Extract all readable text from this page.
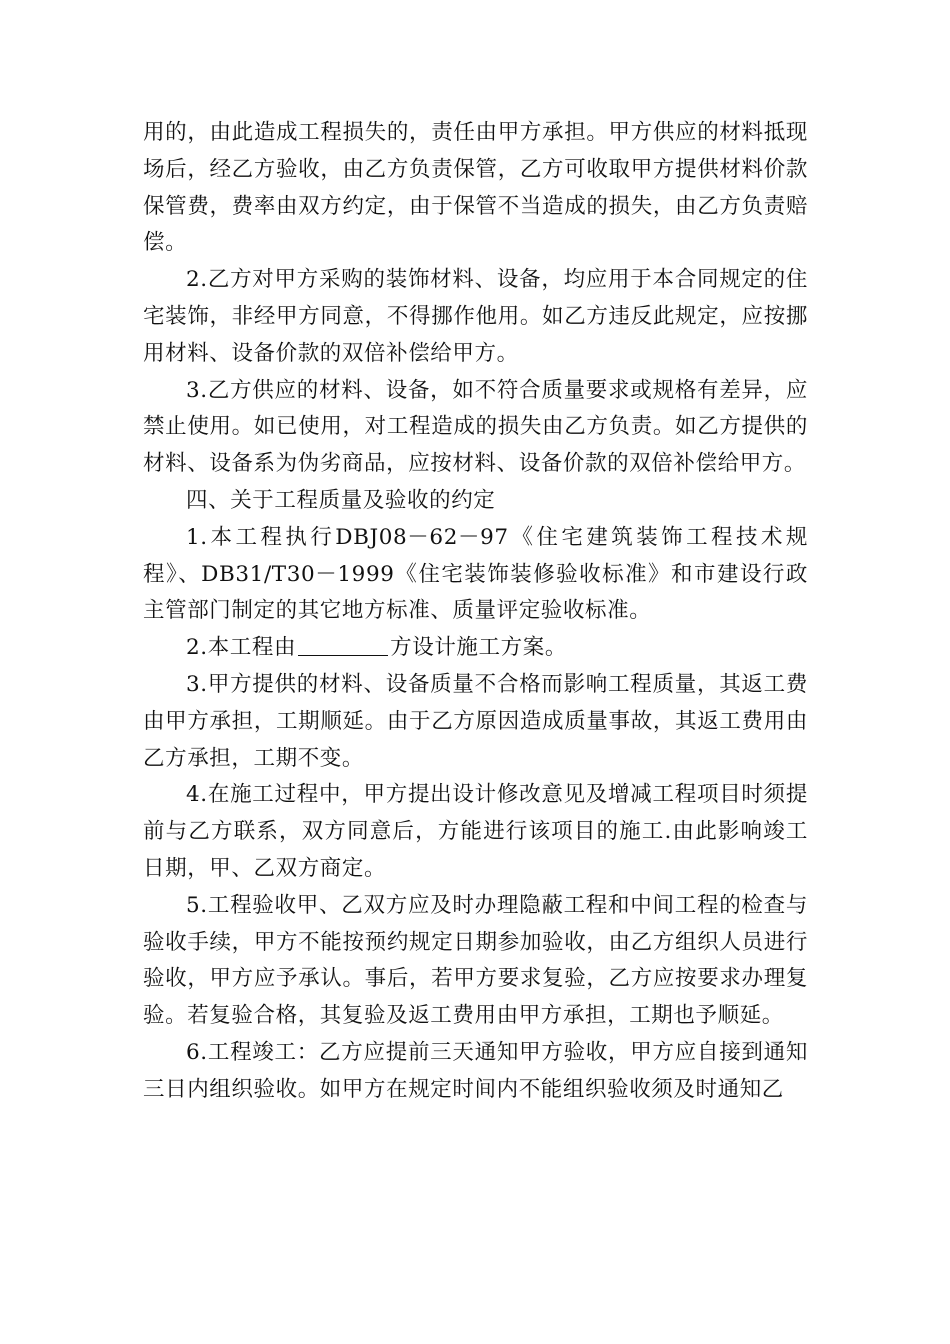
用的，由此造成工程损失的，责任由甲方承担。甲方供应的材料抵现场后，经乙方验收，由乙方负责保管，乙方可收取甲方提供材料价款保管费，费率由双方约定，由于保管不当造成的损失，由乙方负责赔偿。

2.乙方对甲方采购的装饰材料、设备，均应用于本合同规定的住宅装饰，非经甲方同意，不得挪作他用。如乙方违反此规定，应按挪用材料、设备价款的双倍补偿给甲方。

3.乙方供应的材料、设备，如不符合质量要求或规格有差异，应禁止使用。如已使用，对工程造成的损失由乙方负责。如乙方提供的材料、设备系为伪劣商品，应按材料、设备价款的双倍补偿给甲方。

四、关于工程质量及验收的约定

1.本工程执行DBJ08－62－97《住宅建筑装饰工程技术规程》、DB31/T30－1999《住宅装饰装修验收标准》和市建设行政主管部门制定的其它地方标准、质量评定验收标准。

2.本工程由	方设计施工方案。

3.甲方提供的材料、设备质量不合格而影响工程质量，其返工费由甲方承担，工期顺延。由于乙方原因造成质量事故，其返工费用由乙方承担，工期不变。

4.在施工过程中，甲方提出设计修改意见及增减工程项目时须提前与乙方联系，双方同意后，方能进行该项目的施工.由此影响竣工日期，甲、乙双方商定。

5.工程验收甲、乙双方应及时办理隐蔽工程和中间工程的检查与验收手续，甲方不能按预约规定日期参加验收，由乙方组织人员进行验收，甲方应予承认。事后，若甲方要求复验，乙方应按要求办理复验。若复验合格，其复验及返工费用由甲方承担，工期也予顺延。

6.工程竣工：乙方应提前三天通知甲方验收，甲方应自接到通知三日内组织验收。如甲方在规定时间内不能组织验收须及时通知乙
